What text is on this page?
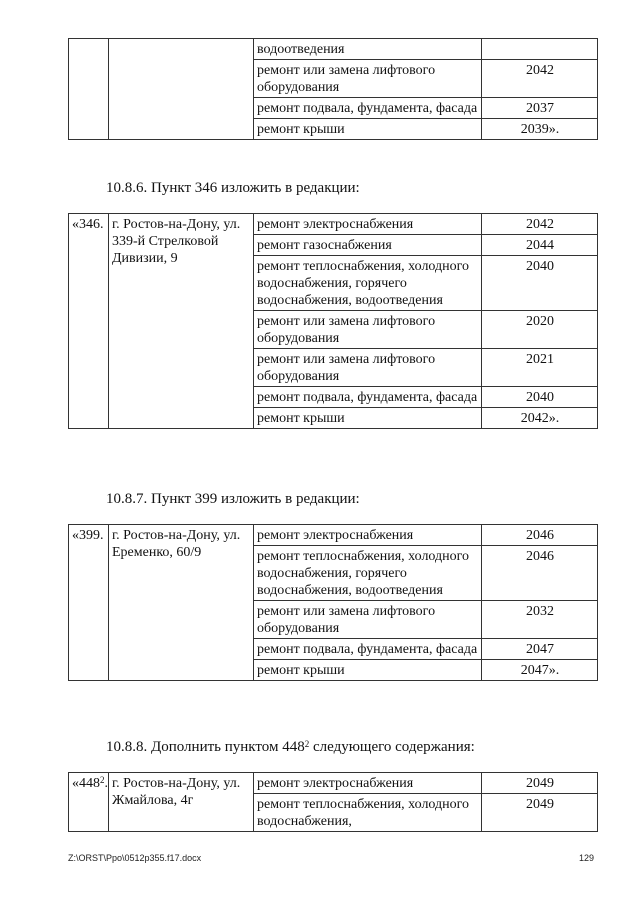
		водоотведения	
		ремонт или замена лифтового оборудования	2042
		ремонт подвала, фундамента, фасада	2037
		ремонт крыши	2039».
10.8.6. Пункт 346 изложить в редакции:
«346.	г. Ростов-на-Дону, ул. 339-й Стрелковой Дивизии, 9	ремонт электроснабжения	2042
		ремонт газоснабжения	2044
		ремонт теплоснабжения, холодного водоснабжения, горячего водоснабжения, водоотведения	2040
		ремонт или замена лифтового оборудования	2020
		ремонт или замена лифтового оборудования	2021
		ремонт подвала, фундамента, фасада	2040
		ремонт крыши	2042».
10.8.7. Пункт 399 изложить в редакции:
«399.	г. Ростов-на-Дону, ул. Еременко, 60/9	ремонт электроснабжения	2046
		ремонт теплоснабжения, холодного водоснабжения, горячего водоснабжения, водоотведения	2046
		ремонт или замена лифтового оборудования	2032
		ремонт подвала, фундамента, фасада	2047
		ремонт крыши	2047».
10.8.8. Дополнить пунктом $448^2$ следующего содержания:
«$448^2$.	г. Ростов-на-Дону, ул. Жмайлова, 4г	ремонт электроснабжения	2049
		ремонт теплоснабжения, холодного водоснабжения,	2049
Z:\ORST\Ppo\0512p355.f17.docx	129
